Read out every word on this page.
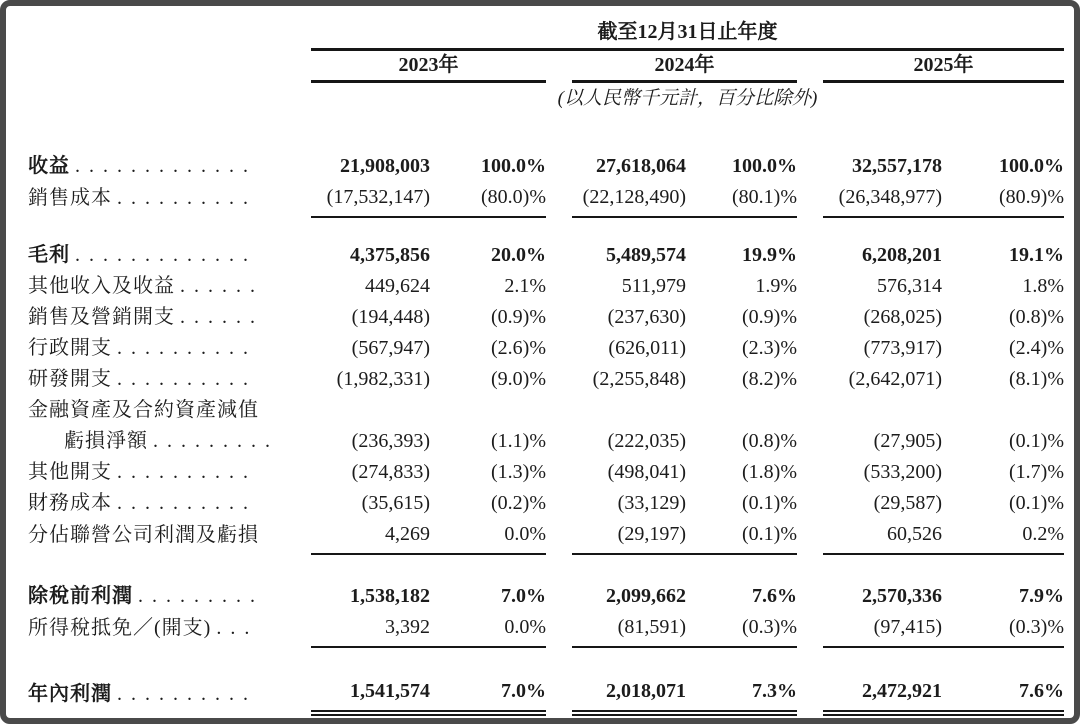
	截至12月31日止年度							
	2023年			2024年			2025年	
	(以人民幣千元計，百分比除外)							

收益 . . . . . . . . . . . . .	21,908,003	100.0%		27,618,064	100.0%		32,557,178	100.0%
銷售成本 . . . . . . . . . .	(17,532,147)	(80.0)%		(22,128,490)	(80.1)%		(26,348,977)	(80.9)%

毛利 . . . . . . . . . . . . .	4,375,856	20.0%		5,489,574	19.9%		6,208,201	19.1%
其他收入及收益 . . . . . .	449,624	2.1%		511,979	1.9%		576,314	1.8%
銷售及營銷開支 . . . . . .	(194,448)	(0.9)%		(237,630)	(0.9)%		(268,025)	(0.8)%
行政開支 . . . . . . . . . .	(567,947)	(2.6)%		(626,011)	(2.3)%		(773,917)	(2.4)%
研發開支 . . . . . . . . . .	(1,982,331)	(9.0)%		(2,255,848)	(8.2)%		(2,642,071)	(8.1)%
金融資產及合約資產減值								
虧損淨額 . . . . . . . . .	(236,393)	(1.1)%		(222,035)	(0.8)%		(27,905)	(0.1)%
其他開支 . . . . . . . . . .	(274,833)	(1.3)%		(498,041)	(1.8)%		(533,200)	(1.7)%
財務成本 . . . . . . . . . .	(35,615)	(0.2)%		(33,129)	(0.1)%		(29,587)	(0.1)%
分佔聯營公司利潤及虧損	4,269	0.0%		(29,197)	(0.1)%		60,526	0.2%

除稅前利潤 . . . . . . . . .	1,538,182	7.0%		2,099,662	7.6%		2,570,336	7.9%
所得稅抵免／(開支) . . .	3,392	0.0%		(81,591)	(0.3)%		(97,415)	(0.3)%

年內利潤 . . . . . . . . . .	1,541,574	7.0%		2,018,071	7.3%		2,472,921	7.6%
